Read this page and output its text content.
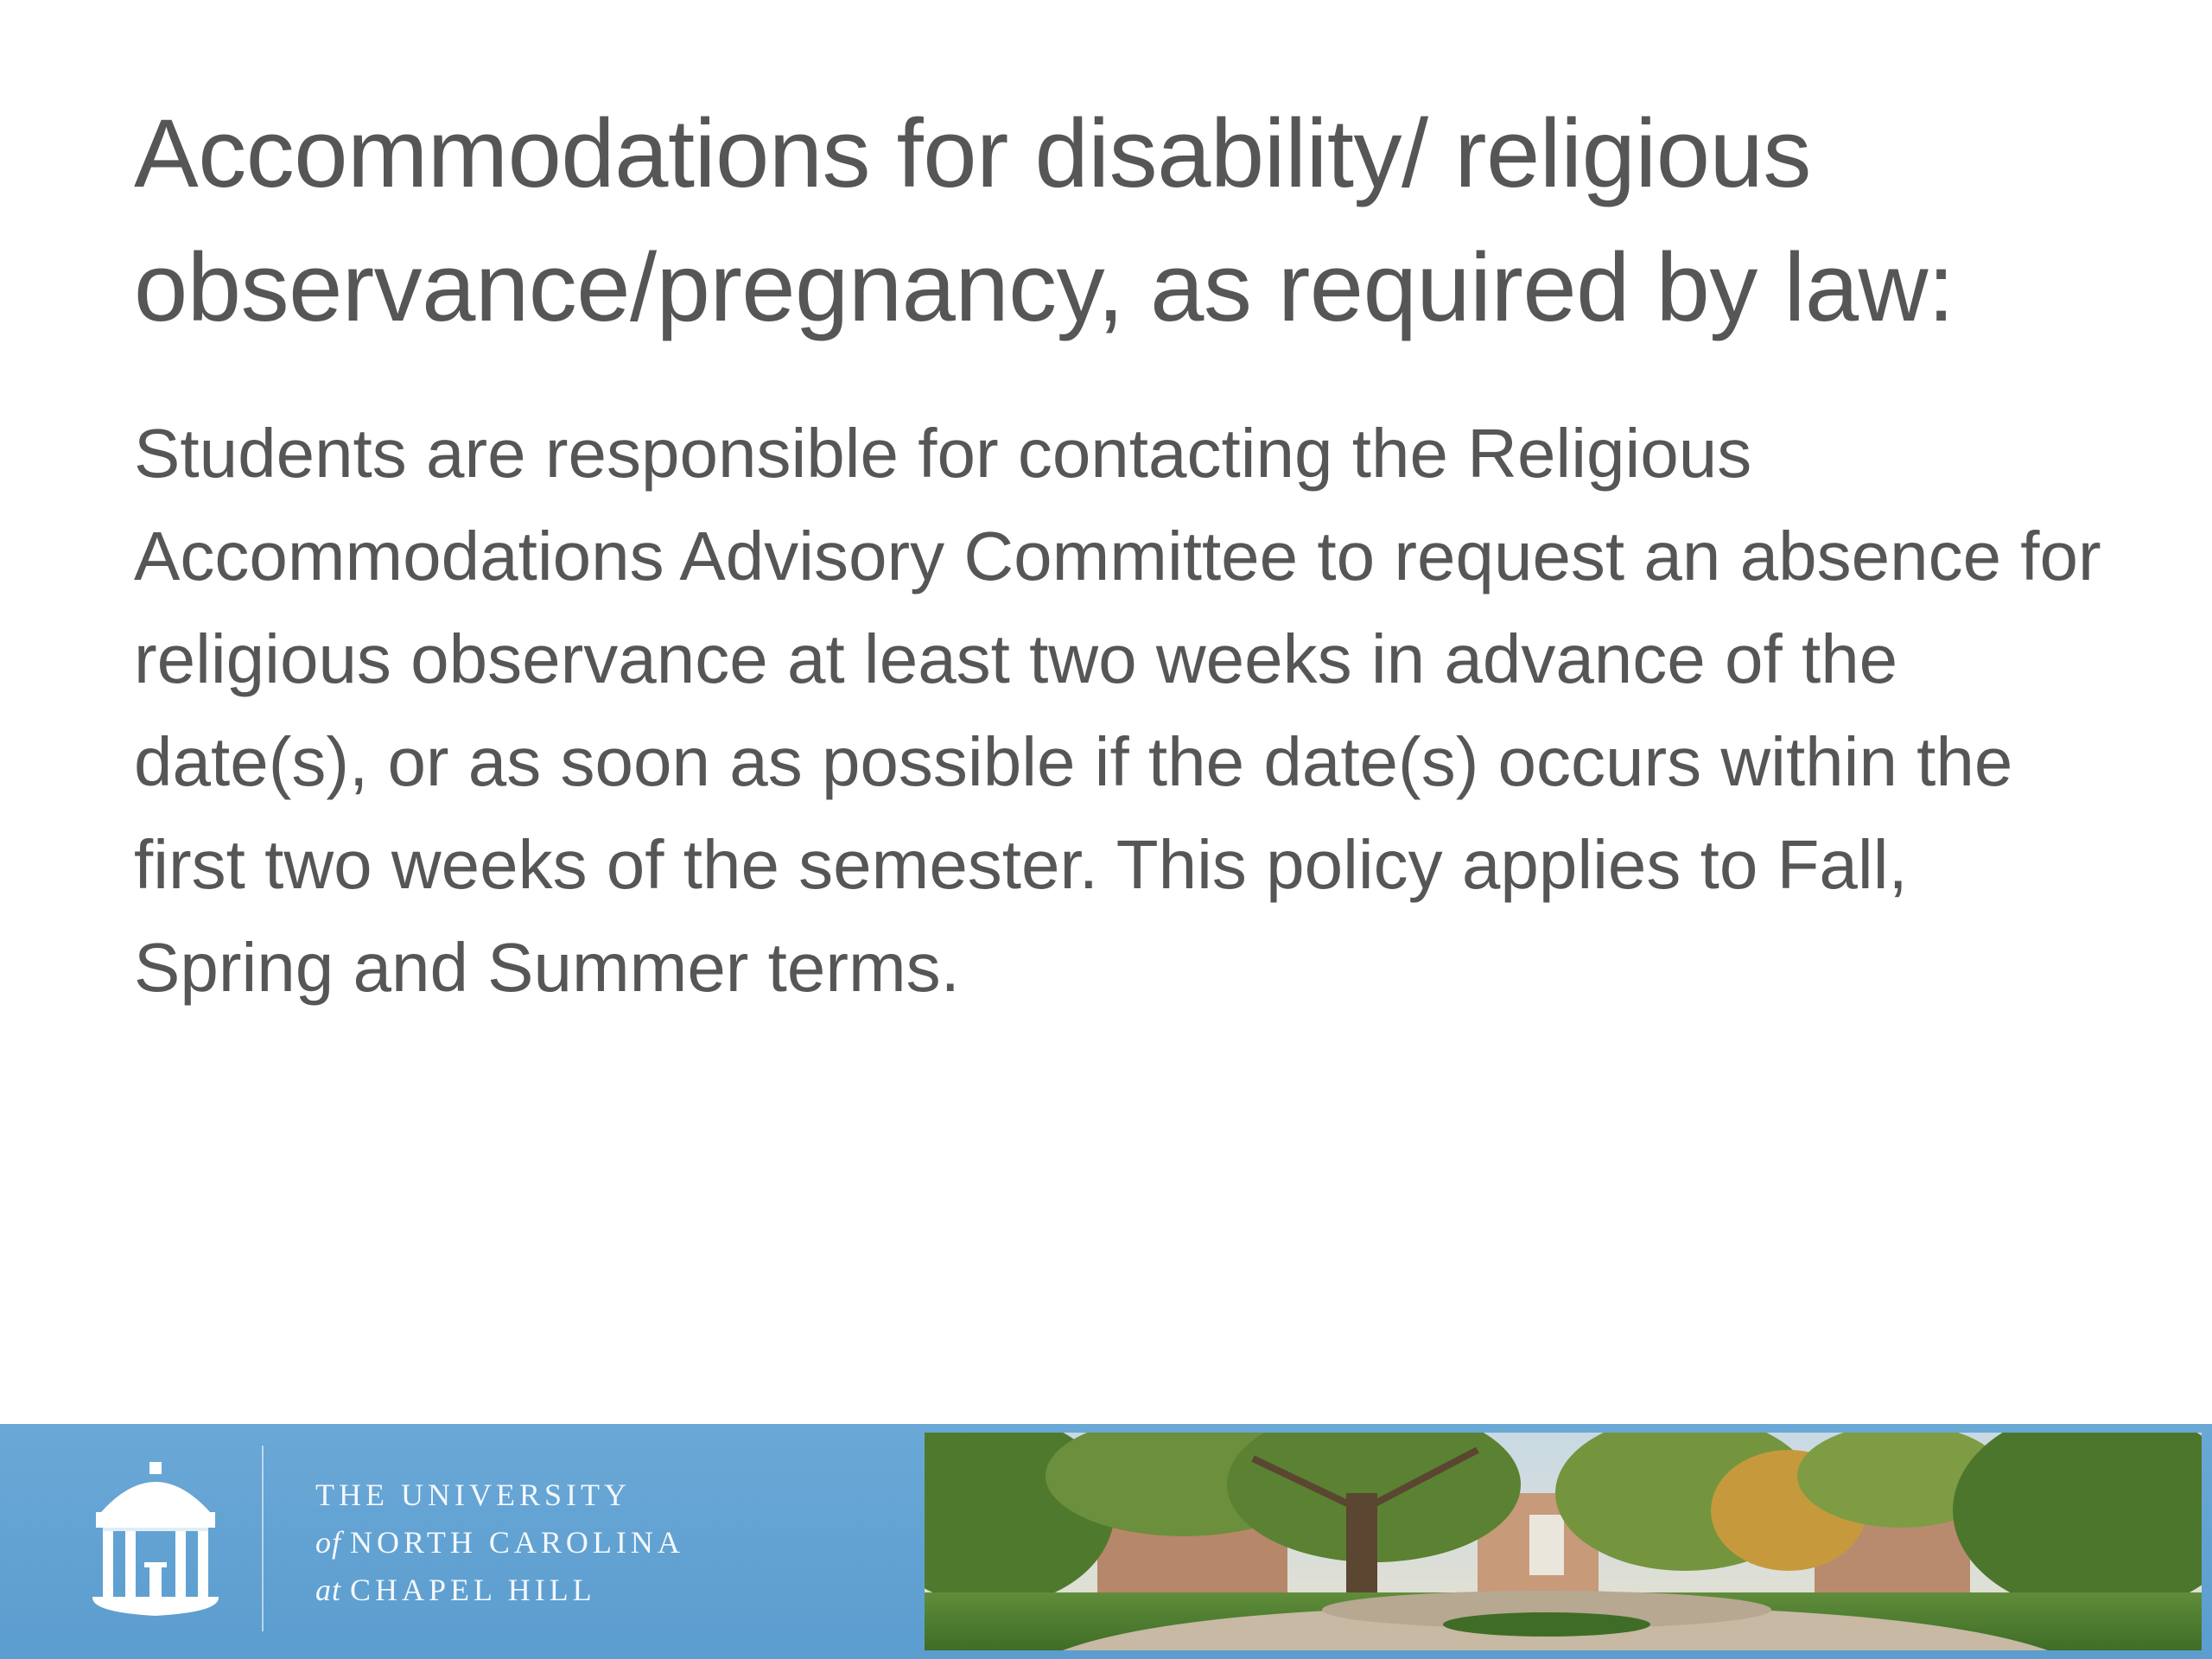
Accommodations for disability/ religious
observance/pregnancy, as required by law:

Students are responsible for contacting the Religious Accommodations Advisory Committee to request an absence for religious observance at least two weeks in advance of the date(s), or as soon as possible if the date(s) occurs within the first two weeks of the semester. This policy applies to Fall, Spring and Summer terms.

THE UNIVERSITY
of NORTH CAROLINA
at CHAPEL HILL
